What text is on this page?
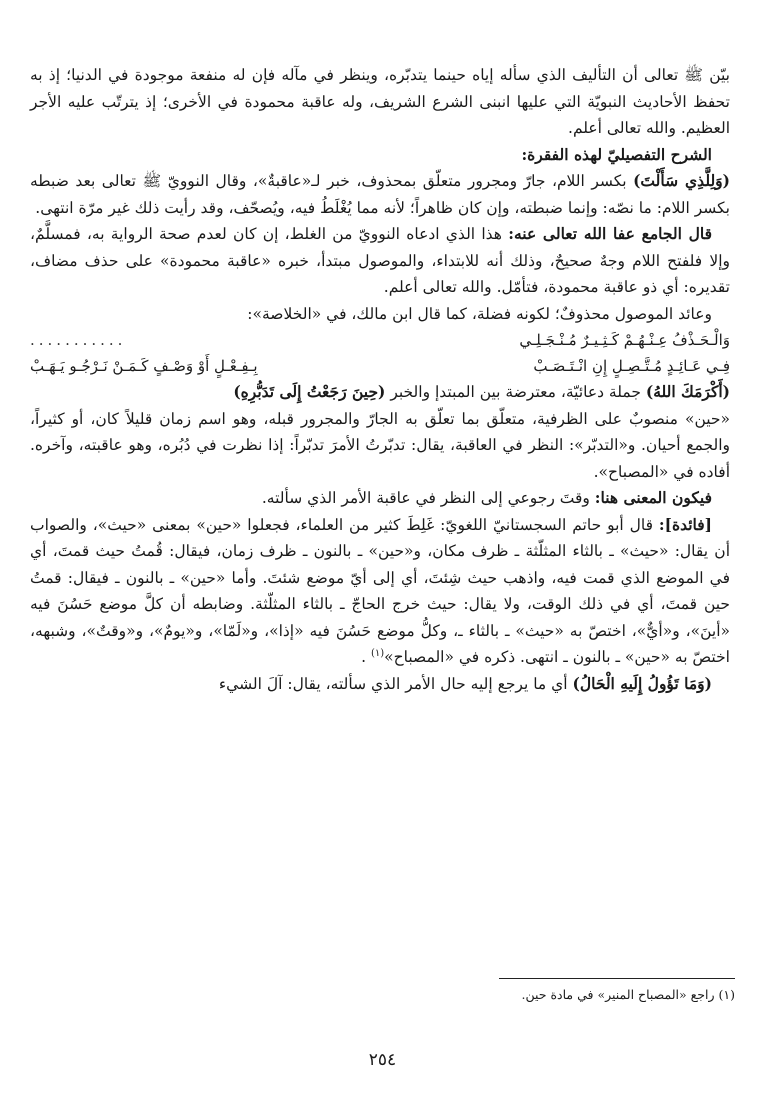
بيّن ﷺ تعالى أن التأليف الذي سأله إياه حينما يتدبّره، وينظر في مآله فإن له منفعة موجودة في الدنيا؛ إذ به تحفظ الأحاديث النبويّة التي عليها انبنى الشرع الشريف، وله عاقبة محمودة في الأخرى؛ إذ يترتّب عليه الأجر العظيم. والله تعالى أعلم.

الشرح التفصيليّ لهذه الفقرة:

(وَلِلَّذِي سَأَلْتَ) بكسر اللام، جارّ ومجرور متعلّق بمحذوف، خبر لـ«عاقبةٌ»، وقال النوويّ ﷺ تعالى بعد ضبطه بكسر اللام: ما نصّه: وإنما ضبطته، وإن كان ظاهراً؛ لأنه مما يُغْلَطُ فيه، ويُصحّف، وقد رأيت ذلك غير مرّة انتهى.

قال الجامع عفا الله تعالى عنه: هذا الذي ادعاه النوويّ من الغلط، إن كان لعدم صحة الرواية به، فمسلَّمٌ، وإلا فلفتح اللام وجهٌ صحيحٌ، وذلك أنه للابتداء، والموصول مبتدأ، خبره «عاقبة محمودة» على حذف مضاف، تقديره: أي ذو عاقبة محمودة، فتأمّل. والله تعالى أعلم.

وعائد الموصول محذوفٌ؛ لكونه فضلة، كما قال ابن مالك، في «الخلاصة»:

وَالْـحَـذْفُ عِـنْـهُـمْ كَـثِـيـرٌ مُـنْـجَـلِـي
...........
فِـي عَـائِـدٍ مُـتَّـصِـلٍ إِنِ انْـتَـصَـبْ
بِـفِـعْـلٍ أَوْ وَصْـفٍ كَـمَـنْ نَـرْجُـو يَـهَـبْ

(أَكْرَمَكَ اللهُ) جملة دعائيّة، معترضة بين المبتدإ والخبر (حِينَ رَجَعْتُ إِلَى تَدَبُّرِهِ)

«حين» منصوبٌ على الظرفية، متعلّق بما تعلّق به الجارّ والمجرور قبله، وهو اسم زمان قليلاً كان، أو كثيراً، والجمع أحيان. و«التدبّر»: النظر في العاقبة، يقال: تدبّرتُ الأمرَ تدبّراً: إذا نظرت في دُبُره، وهو عاقبته، وآخره. أفاده في «المصباح».

فيكون المعنى هنا: وقتَ رجوعي إلى النظر في عاقبة الأمر الذي سألته.

[فائدة]: قال أبو حاتم السجستانيّ اللغويّ: غَلِطَ كثير من العلماء، فجعلوا «حين» بمعنى «حيث»، والصواب أن يقال: «حيث» ـ بالثاء المثلّثة ـ ظرف مكان، و«حين» ـ بالنون ـ ظرف زمان، فيقال: قُمتُ حيث قمتَ، أي في الموضع الذي قمت فيه، واذهب حيث شِئتَ، أي إلى أيّ موضع شئتَ. وأما «حين» ـ بالنون ـ فيقال: قمتُ حين قمتَ، أي في ذلك الوقت، ولا يقال: حيث خرج الحاجّ ـ بالثاء المثلّثة. وضابطه أن كلَّ موضع حَسُنَ فيه «أينَ»، و«أيٌّ»، اختصّ به «حيث» ـ بالثاء ـ، وكلُّ موضع حَسُنَ فيه «إذا»، و«لَمّا»، و«يومٌ»، و«وقتٌ»، وشبهه، اختصّ به «حين» ـ بالنون ـ انتهى. ذكره في «المصباح»$^{(١)}$ .

(وَمَا تَؤُولُ إِلَيهِ الْحَالُ) أي ما يرجع إليه حال الأمر الذي سألته، يقال: آلَ الشيء

(١) راجع «المصباح المنير» في مادة حين.
٢٥٤
